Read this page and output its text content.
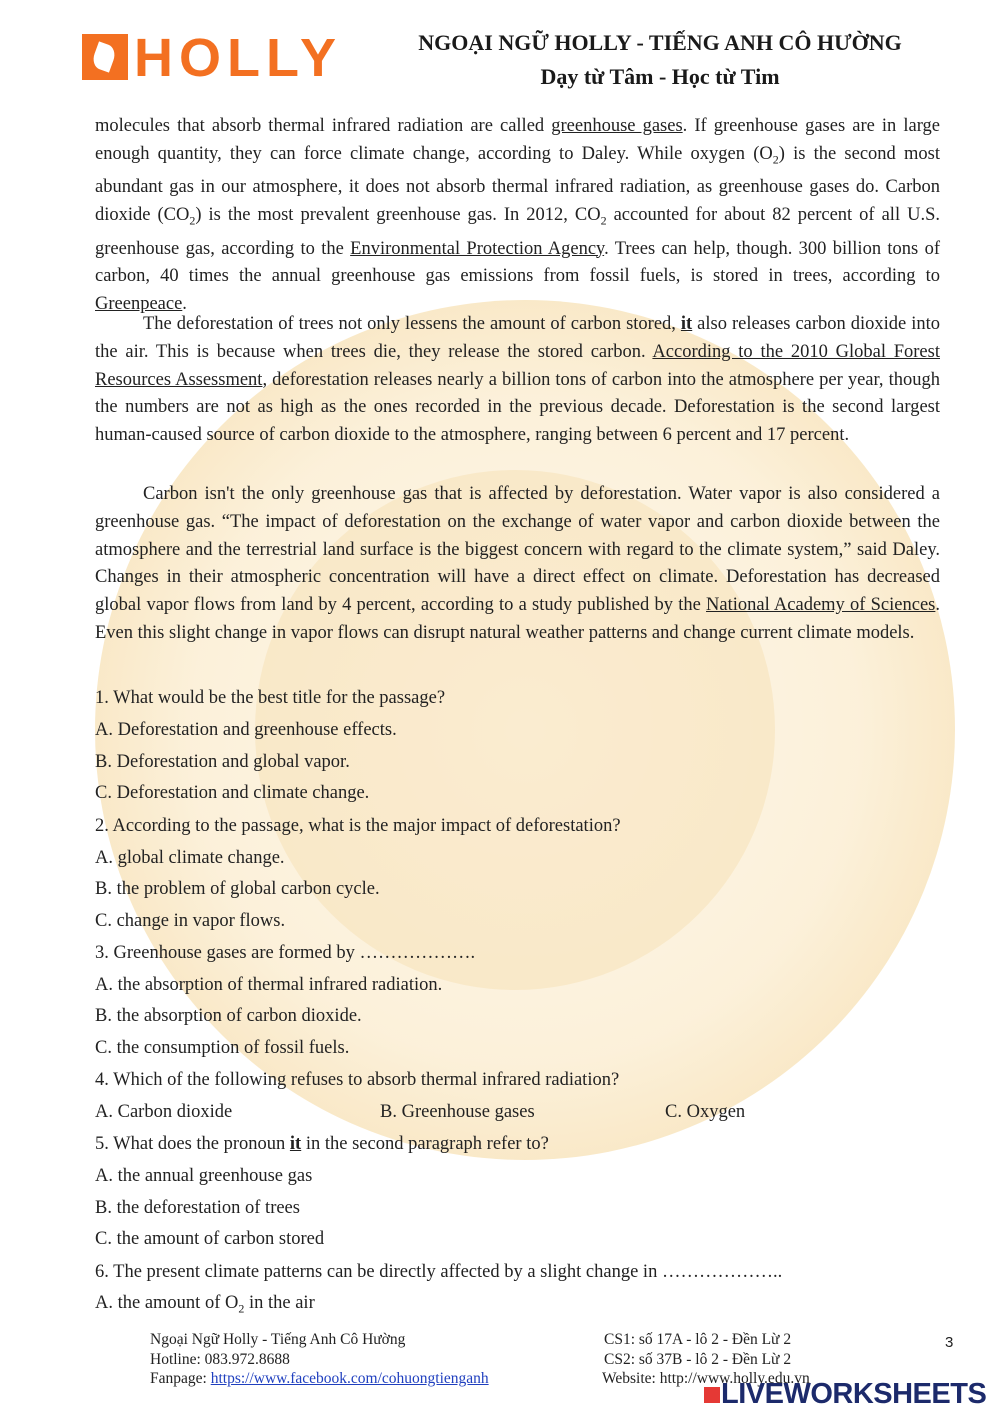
HOLLY	NGOẠI NGỮ HOLLY - TIẾNG ANH CÔ HƯỜNG
Dạy từ Tâm - Học từ Tim
molecules that absorb thermal infrared radiation are called greenhouse gases. If greenhouse gases are in large enough quantity, they can force climate change, according to Daley. While oxygen $(O_2)$ is the second most abundant gas in our atmosphere, it does not absorb thermal infrared radiation, as greenhouse gases do. Carbon dioxide $(CO_2)$ is the most prevalent greenhouse gas. In 2012, $CO_2$ accounted for about 82 percent of all U.S. greenhouse gas, according to the Environmental Protection Agency. Trees can help, though. 300 billion tons of carbon, 40 times the annual greenhouse gas emissions from fossil fuels, is stored in trees, according to Greenpeace.
The deforestation of trees not only lessens the amount of carbon stored, it also releases carbon dioxide into the air. This is because when trees die, they release the stored carbon. According to the 2010 Global Forest Resources Assessment, deforestation releases nearly a billion tons of carbon into the atmosphere per year, though the numbers are not as high as the ones recorded in the previous decade. Deforestation is the second largest human-caused source of carbon dioxide to the atmosphere, ranging between 6 percent and 17 percent.
Carbon isn't the only greenhouse gas that is affected by deforestation. Water vapor is also considered a greenhouse gas. “The impact of deforestation on the exchange of water vapor and carbon dioxide between the atmosphere and the terrestrial land surface is the biggest concern with regard to the climate system,” said Daley. Changes in their atmospheric concentration will have a direct effect on climate. Deforestation has decreased global vapor flows from land by 4 percent, according to a study published by the National Academy of Sciences. Even this slight change in vapor flows can disrupt natural weather patterns and change current climate models.
1. What would be the best title for the passage?
A. Deforestation and greenhouse effects.
B. Deforestation and global vapor.
C. Deforestation and climate change.
2. According to the passage, what is the major impact of deforestation?
A. global climate change.
B. the problem of global carbon cycle.
C. change in vapor flows.
3. Greenhouse gases are formed by ……………….
A. the absorption of thermal infrared radiation.
B. the absorption of carbon dioxide.
C. the consumption of fossil fuels.
4. Which of the following refuses to absorb thermal infrared radiation?
A. Carbon dioxide	B. Greenhouse gases	C. Oxygen
5. What does the pronoun it in the second paragraph refer to?
A. the annual greenhouse gas
B. the deforestation of trees
C. the amount of carbon stored
6. The present climate patterns can be directly affected by a slight change in ………………..
A. the amount of $O_2$ in the air
Ngoại Ngữ Holly - Tiếng Anh Cô Hường
Hotline: 083.972.8688
Fanpage: https://www.facebook.com/cohuongtienganh
CS1: số 17A - lô 2 - Đền Lừ 2
CS2: số 37B - lô 2 - Đền Lừ 2
Website: http://www.holly.edu.vn
3
LIVEWORKSHEETS
